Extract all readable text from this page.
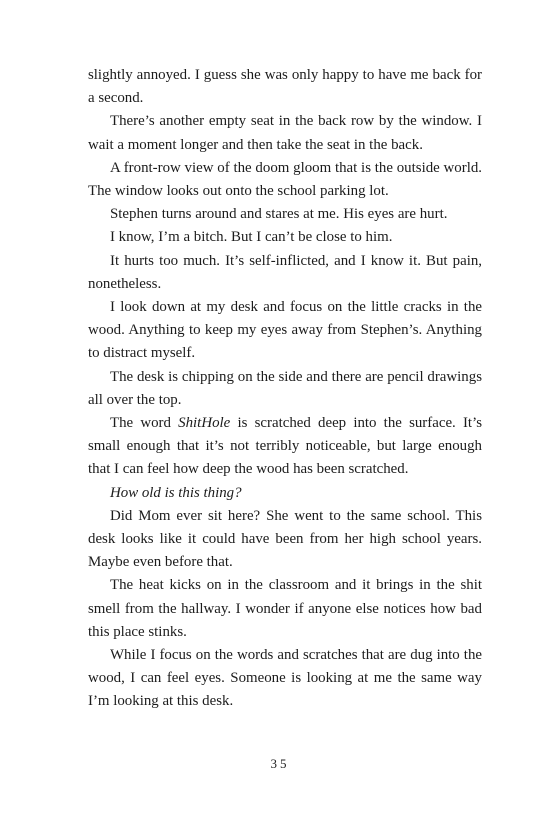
slightly annoyed. I guess she was only happy to have me back for a second.

There’s another empty seat in the back row by the window. I wait a moment longer and then take the seat in the back.

A front-row view of the doom gloom that is the outside world. The window looks out onto the school parking lot.

Stephen turns around and stares at me. His eyes are hurt.

I know, I’m a bitch. But I can’t be close to him.

It hurts too much. It’s self-inflicted, and I know it. But pain, nonetheless.

I look down at my desk and focus on the little cracks in the wood. Anything to keep my eyes away from Stephen’s. Anything to distract myself.

The desk is chipping on the side and there are pencil drawings all over the top.

The word ShitHole is scratched deep into the surface. It’s small enough that it’s not terribly noticeable, but large enough that I can feel how deep the wood has been scratched.

How old is this thing?

Did Mom ever sit here? She went to the same school. This desk looks like it could have been from her high school years. Maybe even before that.

The heat kicks on in the classroom and it brings in the shit smell from the hallway. I wonder if anyone else notices how bad this place stinks.

While I focus on the words and scratches that are dug into the wood, I can feel eyes. Someone is looking at me the same way I’m looking at this desk.

35
